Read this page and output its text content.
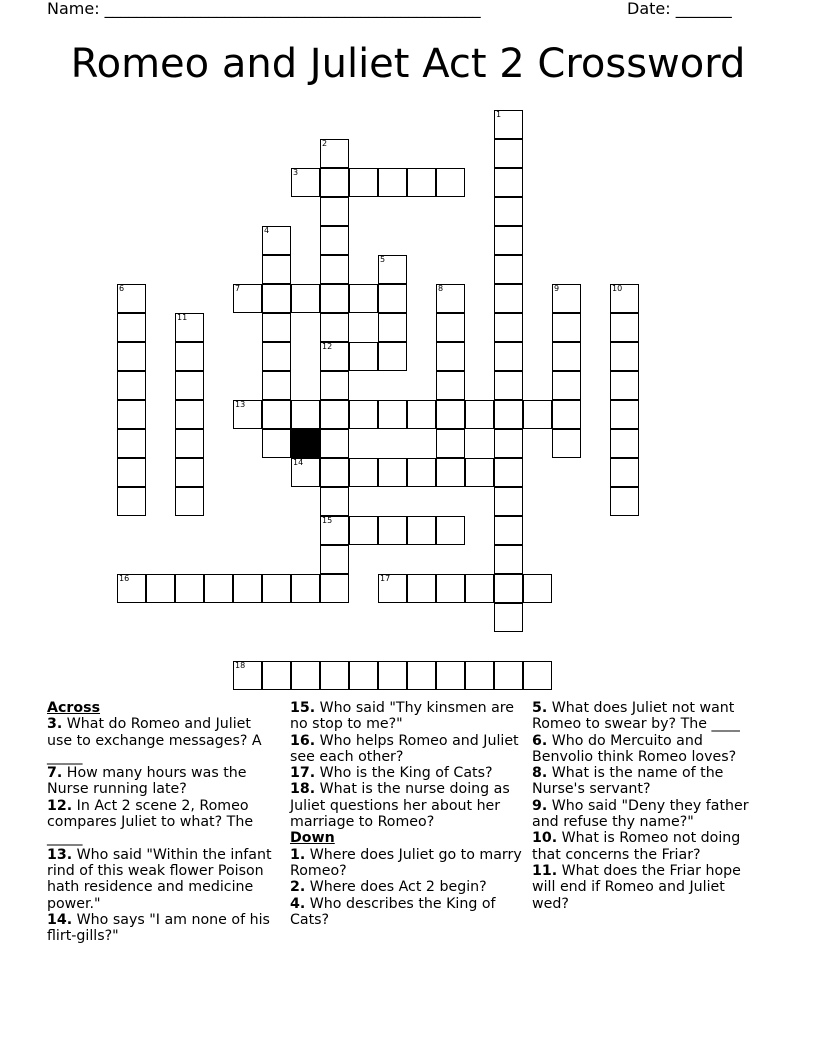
Name: _______________________________________________	Date: _______
Romeo and Juliet Act 2 Crossword
1
2
12
15
3
4
5
6	7	8	9	10
11
13
14
16	17
18
Across
3. What do Romeo and Juliet use to exchange messages? A _____
7. How many hours was the Nurse running late?
12. In Act 2 scene 2, Romeo compares Juliet to what? The _____
13. Who said "Within the infant rind of this weak flower Poison hath residence and medicine power."
14. Who says "I am none of his flirt-gills?"
15. Who said "Thy kinsmen are no stop to me?"
16. Who helps Romeo and Juliet see each other?
17. Who is the King of Cats?
18. What is the nurse doing as Juliet questions her about her marriage to Romeo?
Down
1. Where does Juliet go to marry Romeo?
2. Where does Act 2 begin?
4. Who describes the King of Cats?
5. What does Juliet not want Romeo to swear by? The ____
6. Who do Mercuito and Benvolio think Romeo loves?
8. What is the name of the Nurse's servant?
9. Who said "Deny they father and refuse thy name?"
10. What is Romeo not doing that concerns the Friar?
11. What does the Friar hope will end if Romeo and Juliet wed?
